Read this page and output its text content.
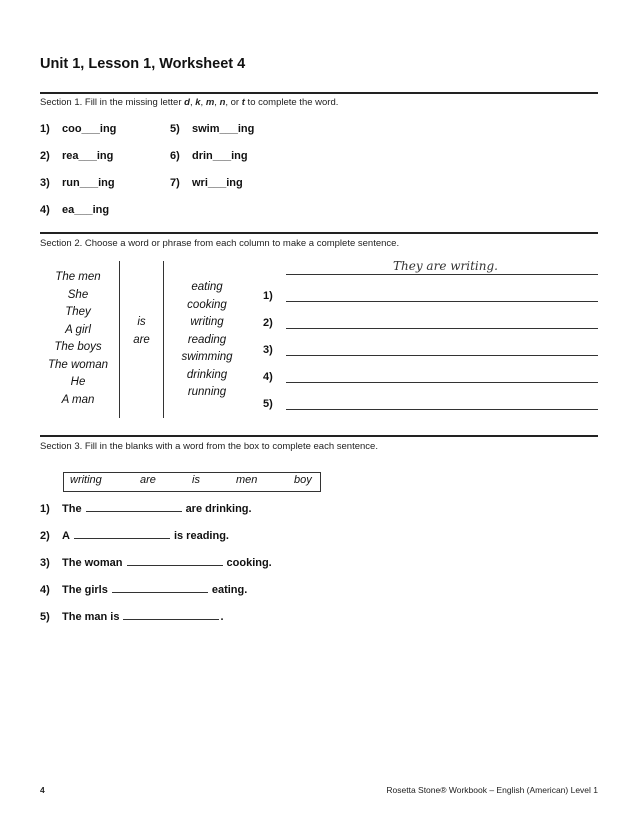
Unit 1, Lesson 1, Worksheet 4
Section 1. Fill in the missing letter d, k, m, n, or t to complete the word.
1) coo___ing
2) rea___ing
3) run___ing
4) ea___ing
5) swim___ing
6) drin___ing
7) wri___ing
Section 2. Choose a word or phrase from each column to make a complete sentence.
The men
She
They
A girl
The boys
The woman
He
A man
is
are
eating
cooking
writing
reading
swimming
drinking
running
They are writing.
1)
2)
3)
4)
5)
Section 3. Fill in the blanks with a word from the box to complete each sentence.
writing	are	is	men	boy
1) The	are drinking.
2) A	is reading.
3) The woman	cooking.
4) The girls	eating.
5) The man is	.
4	Rosetta Stone® Workbook – English (American) Level 1
